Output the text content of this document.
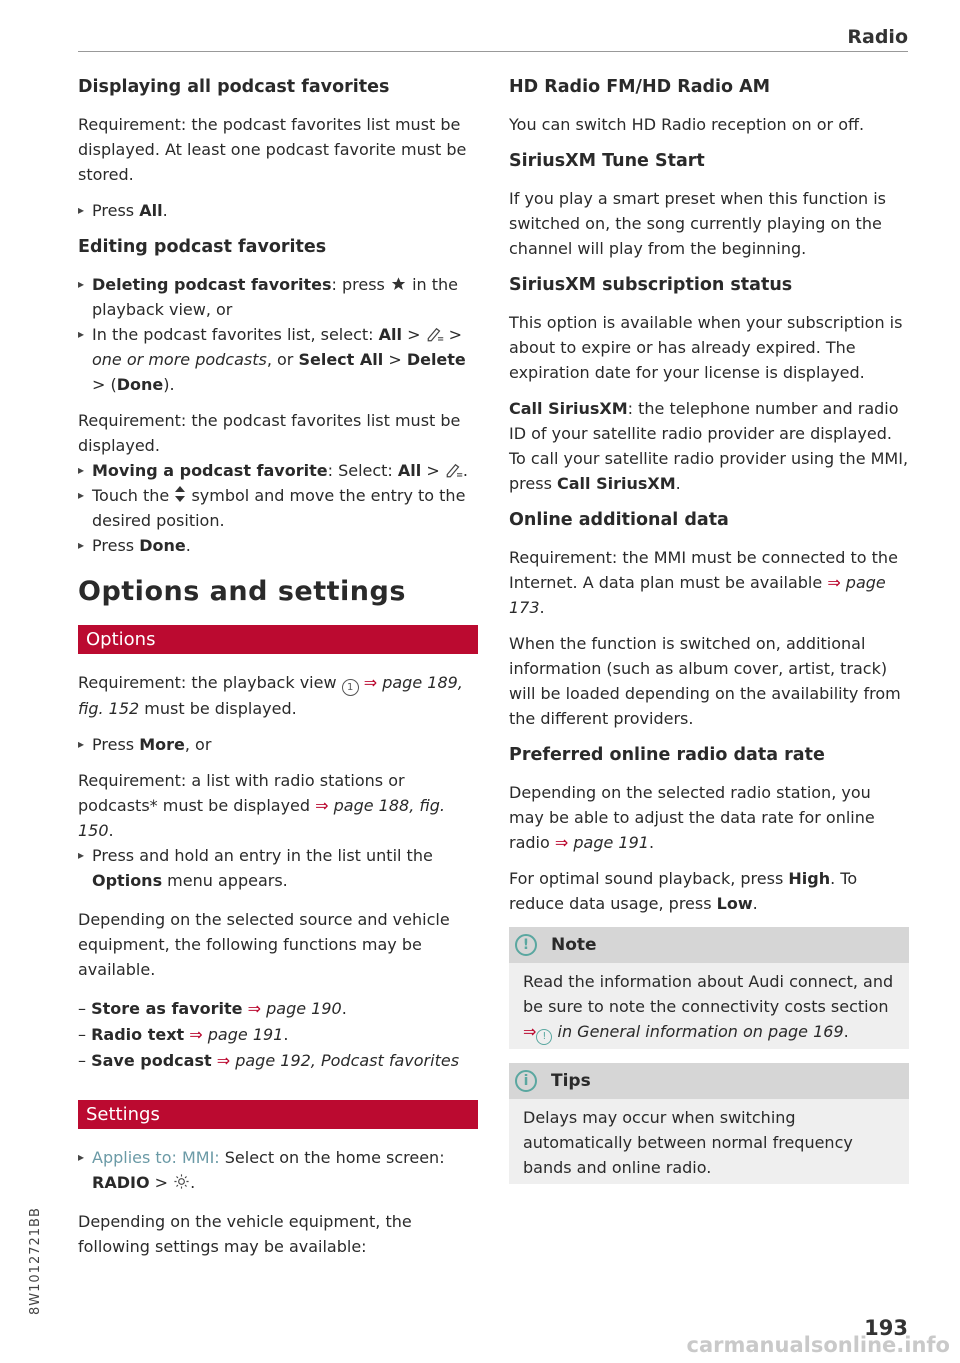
Radio
Displaying all podcast favorites

Requirement: the podcast favorites list must be displayed. At least one podcast favorite must be stored.

▸ Press All.
Editing podcast favorites
▸ Deleting podcast favorites: press  in the playback view, or
▸ In the podcast favorites list, select: All >  > one or more podcasts, or Select All > Delete > (Done).

Requirement: the podcast favorites list must be displayed.

▸ Moving a podcast favorite: Select: All > .
▸ Touch the  symbol and move the entry to the desired position.
▸ Press Done.
Options and settings
Options

Requirement: the playback view 1 ⇒ page 189, fig. 152 must be displayed.

▸ Press More, or

Requirement: a list with radio stations or podcasts* must be displayed ⇒ page 188, fig. 150.

▸ Press and hold an entry in the list until the Options menu appears.

Depending on the selected source and vehicle equipment, the following functions may be available.

– Store as favorite ⇒ page 190.
– Radio text ⇒ page 191.
– Save podcast ⇒ page 192, Podcast favorites
Settings
▸ Applies to: MMI: Select on the home screen: RADIO > .

Depending on the vehicle equipment, the following settings may be available:

HD Radio FM/HD Radio AM

You can switch HD Radio reception on or off.

SiriusXM Tune Start

If you play a smart preset when this function is switched on, the song currently playing on the channel will play from the beginning.

SiriusXM subscription status

This option is available when your subscription is about to expire or has already expired. The expiration date for your license is displayed.

Call SiriusXM: the telephone number and radio ID of your satellite radio provider are displayed. To call your satellite radio provider using the MMI, press Call SiriusXM.

Online additional data

Requirement: the MMI must be connected to the Internet. A data plan must be available ⇒ page 173.

When the function is switched on, additional information (such as album cover, artist, track) will be loaded depending on the availability from the different providers.

Preferred online radio data rate

Depending on the selected radio station, you may be able to adjust the data rate for online radio ⇒ page 191.

For optimal sound playback, press High. To reduce data usage, press Low.

!	Note
Read the information about Audi connect, and be sure to note the connectivity costs section ⇒ ! in General information on page 169.
i	Tips
Delays may occur when switching automatically between normal frequency bands and online radio.
8W1012721BB
193
carmanualsonline.info
